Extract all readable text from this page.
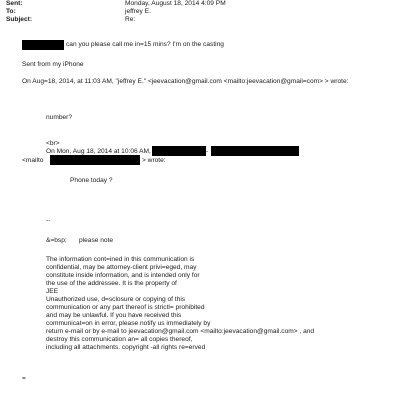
Sent:	Monday, August 18, 2014 4:09 PM
To:	jeffrey E.
Subject:	Re:
can you please call me in=15 mins? I'm on the casting
Sent from my iPhone
On Aug=18, 2014, at 11:03 AM, "jeffrey E." <jeevacation@gmail.com <mailto:jeevacation@gmail=com> > wrote:
number?
<br>
On Mon, Aug 18, 2014 at 10:06 AM,	-
<mailto	> wrote:
Phone today ?
--
&=bsp; please note
The information cont=ined in this communication is
confidential, may be attorney-client privi=eged, may
constitute inside information, and is intended only for
the use of the addressee. It is the property of
JEE
Unauthorized use, d=sclosure or copying of this
communication or any part thereof is strictl= prohibited
and may be unlawful. If you have received this
communicat=on in error, please notify us immediately by
return e-mail or by e-mail to jeevacation@gmail.com <mailto:jeevacation@gmail.com> , and
destroy this communication an= all copies thereof,
including all attachments. copyright -all rights re=erved
=
